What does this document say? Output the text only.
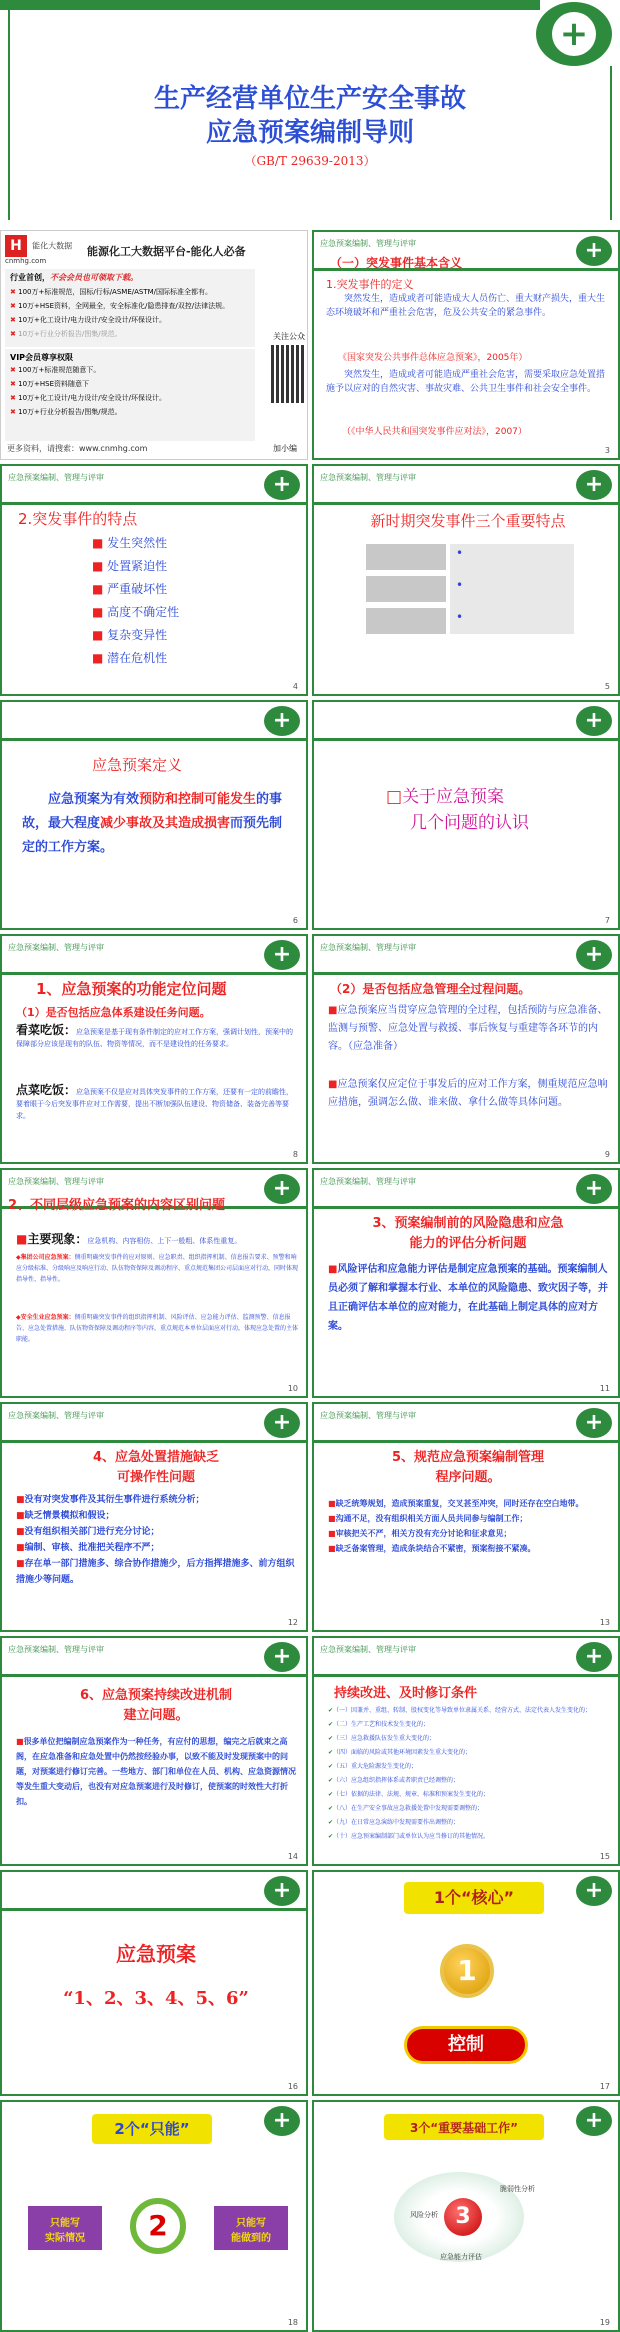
+
生产经营单位生产安全事故
应急预案编制导则
（GB/T 29639-2013）
H 能化大数据
cnmhg.com
能源化工大数据平台-能化人必备
行业首创，不会会员也可领取下载。
✖ 100万+标准规范，国标/行标/ASME/ASTM/国际标准全都有。
✖ 10万+HSE资料，全网最全，安全标准化/隐患排查/双控/法律法规。
✖ 10万+化工设计/电力设计/安全设计/环保设计。
✖ 10万+行业分析报告/图集/规范。
VIP会员尊享权限
✖ 100万+标准规范随意下。
✖ 10万+HSE资料随意下
✖ 10万+化工设计/电力设计/安全设计/环保设计。
✖ 10万+行业分析报告/图集/规范。
更多资料，请搜索：www.cnmhg.com
关注公众
加小编
应急预案编制、管理与评审	+
（一）突发事件基本含义
1.突发事件的定义
突然发生，造成或者可能造成大人员伤亡、重大财产损失，重大生态环境破坏和严重社会危害，危及公共安全的紧急事件。
《国家突发公共事件总体应急预案》，2005年）
突然发生，造成或者可能造成严重社会危害，需要采取应急处置措施予以应对的自然灾害、事故灾难、公共卫生事件和社会安全事件。
（《中华人民共和国突发事件应对法》，2007）
3
应急预案编制、管理与评审	+
2.突发事件的特点
■ 发生突然性
■ 处置紧迫性
■ 严重破坏性
■ 高度不确定性
■ 复杂变异性
■ 潜在危机性
4
应急预案编制、管理与评审	+
新时期突发事件三个重要特点
•
•
•
5
+
应急预案定义
应急预案为有效预防和控制可能发生的事故，最大程度减少事故及其造成损害而预先制定的工作方案。
6
+
□关于应急预案
几个问题的认识
7
应急预案编制、管理与评审	+
1、应急预案的功能定位问题
（1）是否包括应急体系建设任务问题。
看菜吃饭：应急预案是基于现有条件制定的应对工作方案，强调计划性，预案中的保障部分应该是现有的队伍、物资等情况，而不是建设性的任务要求。
点菜吃饭：应急预案不仅是应对具体突发事件的工作方案，还要有一定的前瞻性，要着眼于今后突发事件应对工作需要，提出不断加强队伍建设、物资储备、装备完善等要求。
8
应急预案编制、管理与评审	+
（2）是否包括应急管理全过程问题。
■应急预案应当贯穿应急管理的全过程，包括预防与应急准备、监测与预警、应急处置与救援、事后恢复与重建等各环节的内容。（应急准备）
■应急预案仅应定位于事发后的应对工作方案，侧重规范应急响应措施，强调怎么做、谁来做、拿什么做等具体问题。
9
应急预案编制、管理与评审	+
2、不同层级应急预案的内容区别问题
■主要现象：应急机构、内容相仿、上下一般粗、体系性重复。
◆集团公司应急预案：侧重明确突发事件的应对原则、应急职责、组织指挥机制、信息报告要求、预警和响应分级标准、分级响应及响应行动、队伍物资保障及调动程序、重点规范集团公司层面应对行动，同时体现指导性、指导性。
◆安全生业应急预案：侧重明确突发事件的组织指挥机制、风险评估、应急能力评估、监测预警、信息报告、应急处置措施、队伍物资保障及调动程序等内容，重点规范本单位层面应对行动，体现应急处置的主体职能。
10
应急预案编制、管理与评审	+
3、预案编制前的风险隐患和应急
能力的评估分析问题
■风险评估和应急能力评估是制定应急预案的基础。预案编制人员必须了解和掌握本行业、本单位的风险隐患、致灾因子等，并且正确评估本单位的应对能力，在此基础上制定具体的应对方案。
11
应急预案编制、管理与评审	+
4、应急处置措施缺乏
可操作性问题
■没有对突发事件及其衍生事件进行系统分析；
■缺乏情景模拟和假设；
■没有组织相关部门进行充分讨论；
■编制、审核、批准把关程序不严；
■存在单一部门措施多、综合协作措施少，后方指挥措施多、前方组织措施少等问题。
12
应急预案编制、管理与评审	+
5、规范应急预案编制管理
程序问题。
■缺乏统筹规划，造成预案重复，交叉甚至冲突，同时还存在空白地带。
■沟通不足，没有组织相关方面人员共同参与编制工作；
■审核把关不严，相关方没有充分讨论和征求意见；
■缺乏备案管理，造成条块结合不紧密，预案衔接不紧凑。
13
应急预案编制、管理与评审	+
6、应急预案持续改进机制
建立问题。
■很多单位把编制应急预案作为一种任务，有应付的思想，编完之后就束之高阁，在应急准备和应急处置中仍然按经验办事，以致不能及时发现预案中的问题，对预案进行修订完善。一些地方、部门和单位在人员、机构、应急资源情况等发生重大变动后，也没有对应急预案进行及时修订，使预案的时效性大打折扣。
14
应急预案编制、管理与评审	+
持续改进、及时修订条件
✔（一）因兼并、重组、转制、股权变化等导致单位隶属关系、经营方式、法定代表人发生变化的；
✔（二）生产工艺和技术发生变化的；
✔（三）应急救援队伍发生重大变化的；
✔（四）面临的风险或其他环境因素发生重大变化的；
✔（五）重大危险源发生变化的；
✔（六）应急组织指挥体系或者职责已经调整的；
✔（七）依据的法律、法规、规章、标准和预案发生变化的；
✔（八）在生产安全事故应急救援处置中发现需要调整的；
✔（九）在日常应急演练中发现需要作出调整的；
✔（十）应急预案编制部门或单位认为应当修订的其他情况。
15
+
应急预案
“1、2、3、4、5、6”
16
+
1个“核心”
1
控制
17
+
2个“只能”
只能写
实际情况	2	只能写
能做到的
18
+
3个“重要基础工作”
3
风险分析
脆弱性分析
应急能力评估
19
